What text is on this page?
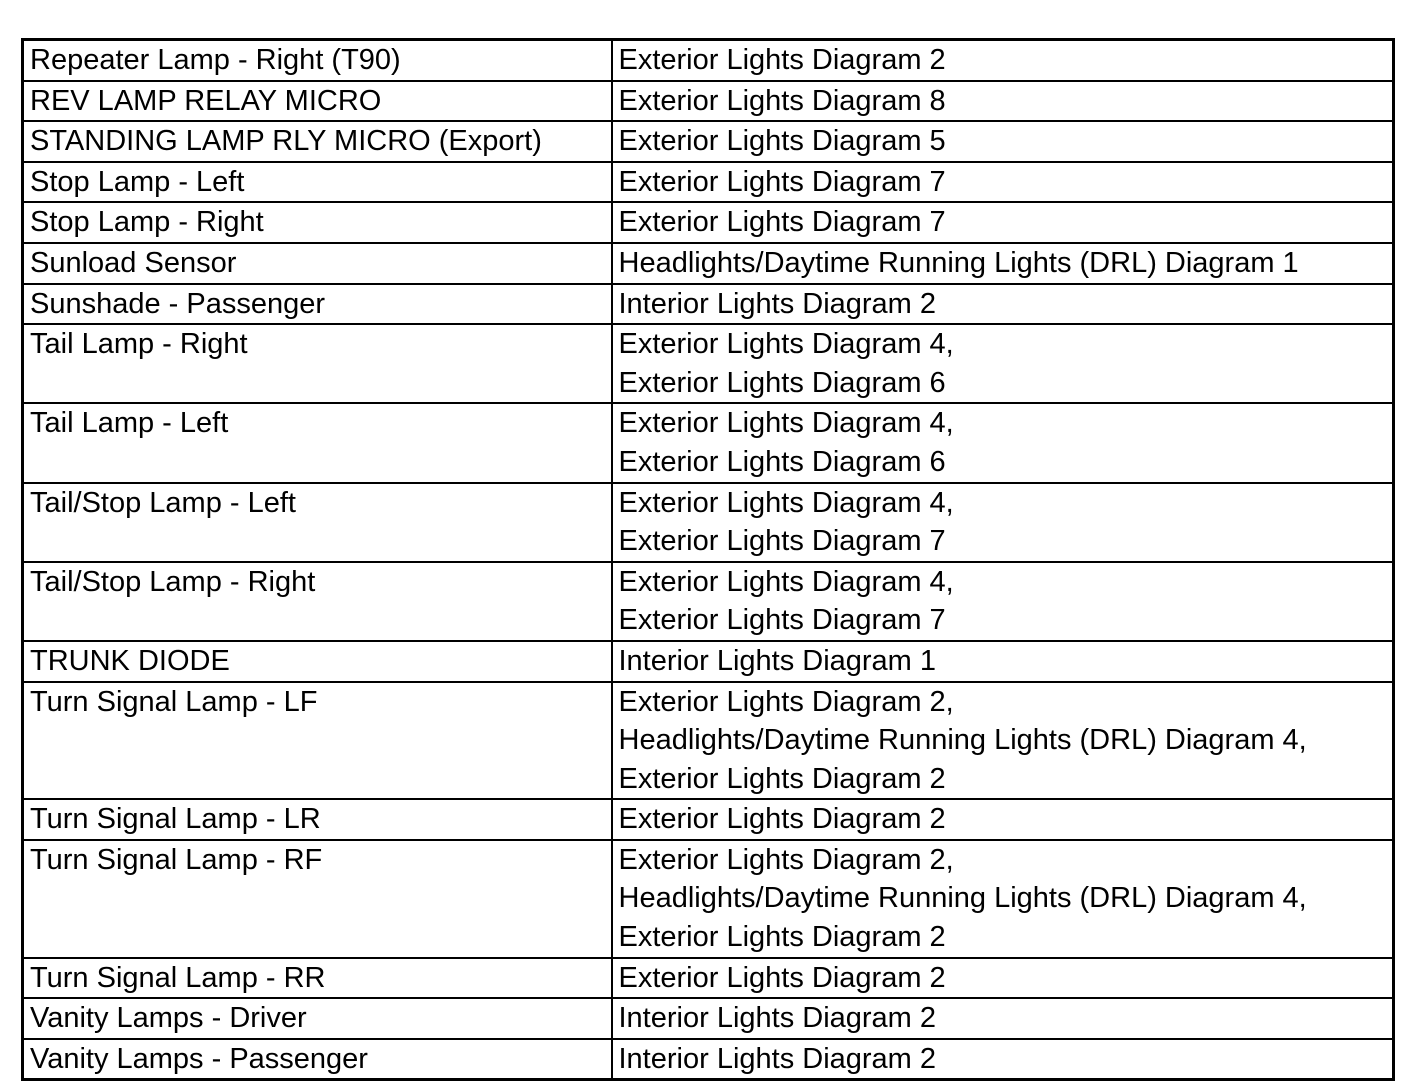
Repeater Lamp - Right (T90)	Exterior Lights Diagram 2

REV LAMP RELAY MICRO	Exterior Lights Diagram 8

STANDING LAMP RLY MICRO (Export)	Exterior Lights Diagram 5

Stop Lamp - Left	Exterior Lights Diagram 7

Stop Lamp - Right	Exterior Lights Diagram 7

Sunload Sensor	Headlights/Daytime Running Lights (DRL) Diagram 1

Sunshade - Passenger	Interior Lights Diagram 2

Tail Lamp - Right	Exterior Lights Diagram 4,
Exterior Lights Diagram 6

Tail Lamp - Left	Exterior Lights Diagram 4,
Exterior Lights Diagram 6

Tail/Stop Lamp - Left	Exterior Lights Diagram 4,
Exterior Lights Diagram 7

Tail/Stop Lamp - Right	Exterior Lights Diagram 4,
Exterior Lights Diagram 7

TRUNK DIODE	Interior Lights Diagram 1

Turn Signal Lamp - LF	Exterior Lights Diagram 2,
Headlights/Daytime Running Lights (DRL) Diagram 4,
Exterior Lights Diagram 2

Turn Signal Lamp - LR	Exterior Lights Diagram 2

Turn Signal Lamp - RF	Exterior Lights Diagram 2,
Headlights/Daytime Running Lights (DRL) Diagram 4,
Exterior Lights Diagram 2

Turn Signal Lamp - RR	Exterior Lights Diagram 2

Vanity Lamps - Driver	Interior Lights Diagram 2

Vanity Lamps - Passenger	Interior Lights Diagram 2
